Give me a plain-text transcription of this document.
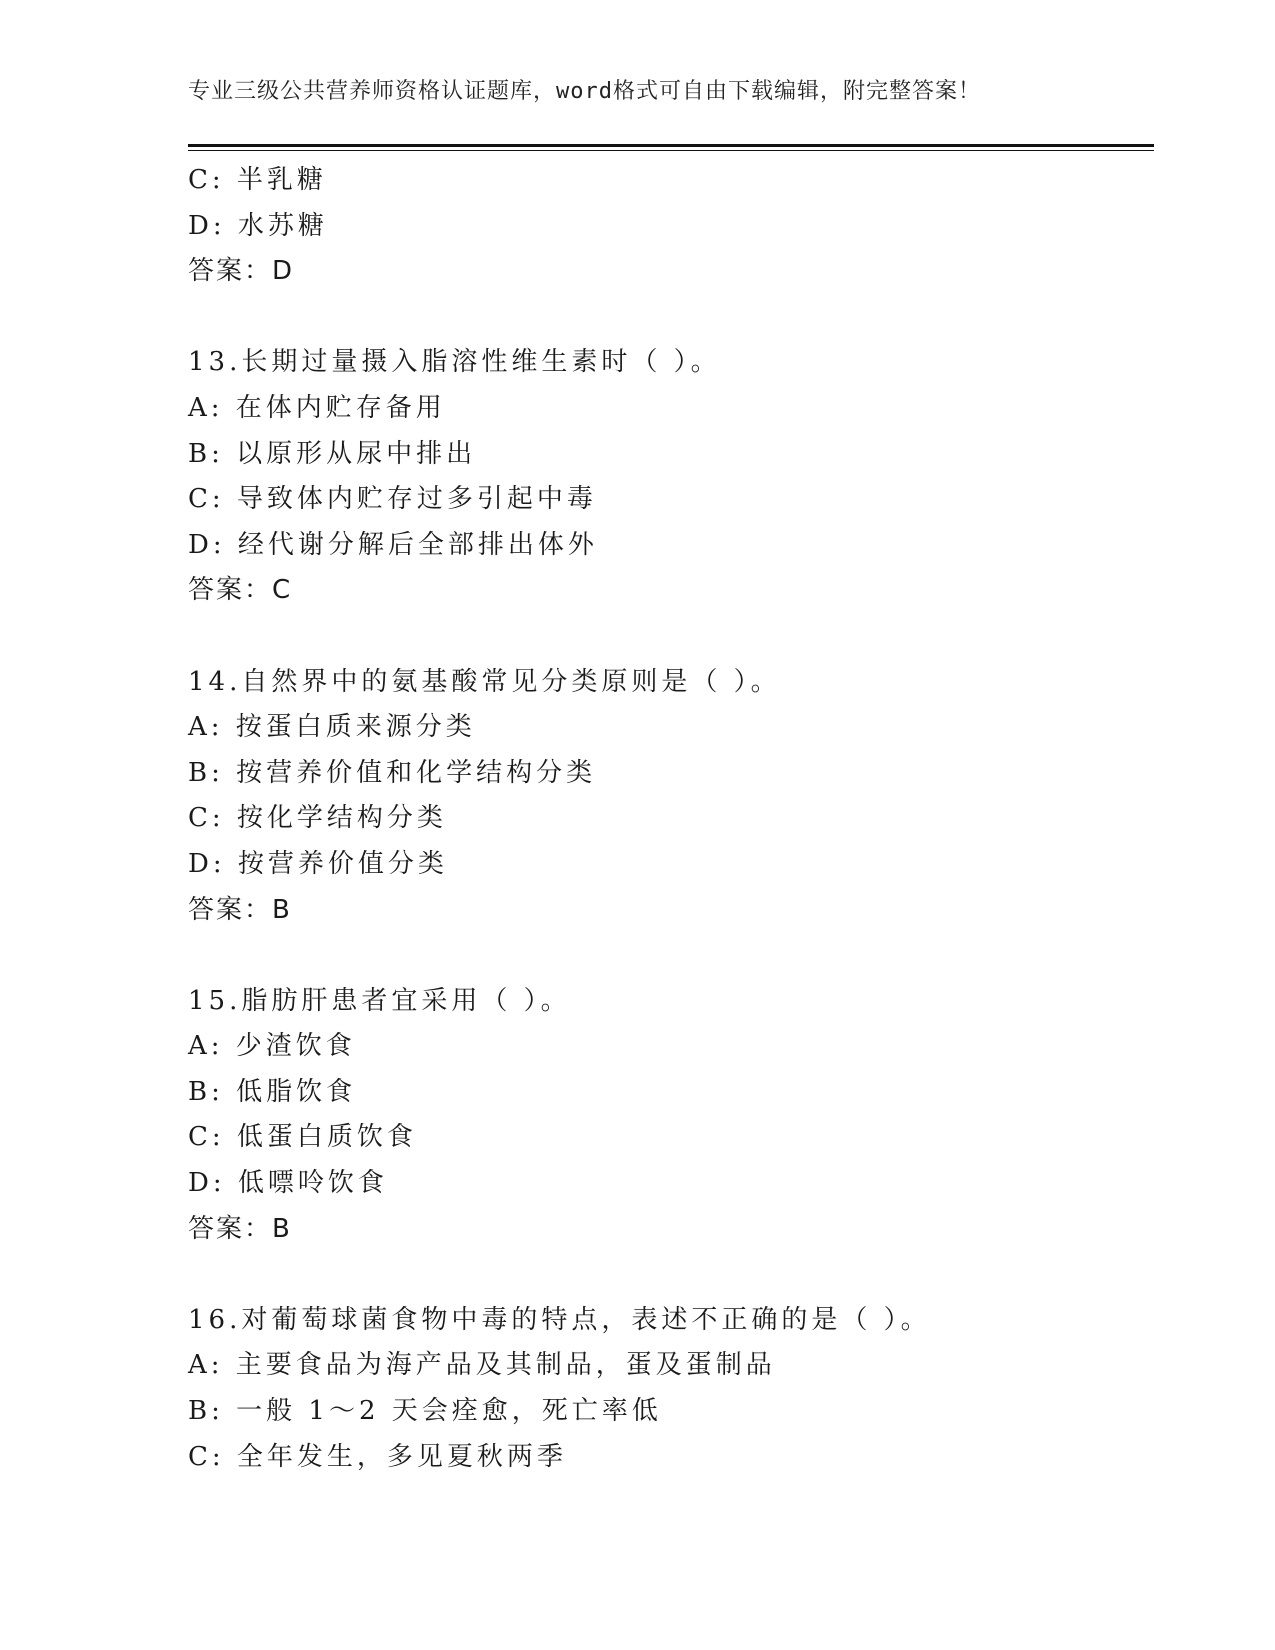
专业三级公共营养师资格认证题库，word格式可自由下载编辑，附完整答案！
C: 半乳糖
D: 水苏糖
答案：D
13.长期过量摄入脂溶性维生素时（ ）。
A: 在体内贮存备用
B: 以原形从尿中排出
C: 导致体内贮存过多引起中毒
D: 经代谢分解后全部排出体外
答案：C
14.自然界中的氨基酸常见分类原则是（ ）。
A: 按蛋白质来源分类
B: 按营养价值和化学结构分类
C: 按化学结构分类
D: 按营养价值分类
答案：B
15.脂肪肝患者宜采用（ ）。
A: 少渣饮食
B: 低脂饮食
C: 低蛋白质饮食
D: 低嘌呤饮食
答案：B
16.对葡萄球菌食物中毒的特点，表述不正确的是（ ）。
A: 主要食品为海产品及其制品，蛋及蛋制品
B: 一般 1～2 天会痊愈，死亡率低
C: 全年发生，多见夏秋两季
